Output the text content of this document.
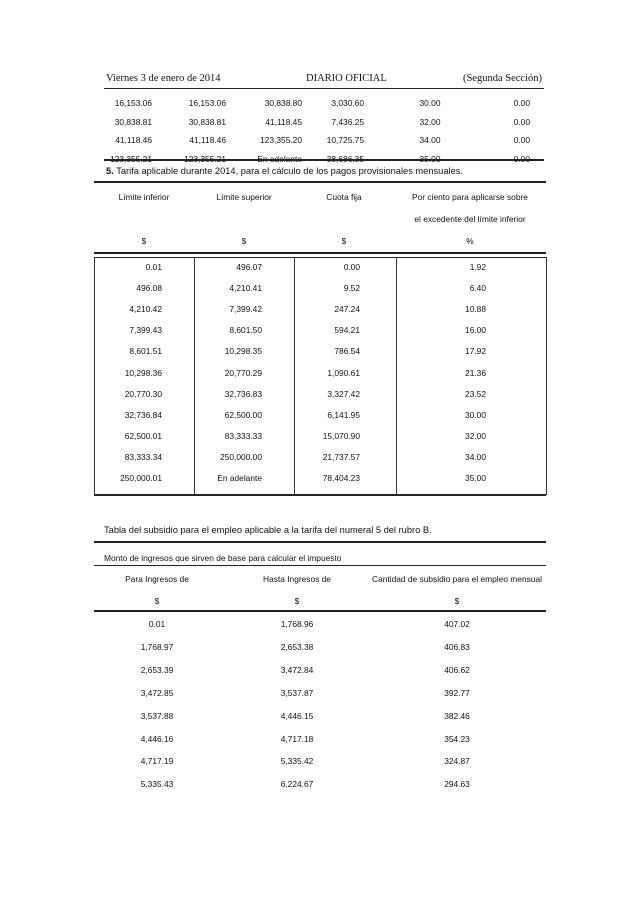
Viernes 3 de enero de 2014	DIARIO OFICIAL	(Segunda Sección)
16,153.06	16,153.06	30,838.80	3,030.60	30.00	0.00
30,838.81	30,838.81	41,118.45	7,436.25	32.00	0.00
41,118.46	41,118.46	123,355.20	10,725.75	34.00	0.00
123,355.21	123,355.21	En adelante	38,686.35	35.00	0.00
5. Tarifa aplicable durante 2014, para el cálculo de los pagos provisionales mensuales.
Límite inferior	Límite superior	Cuota fija	Por ciento para aplicarse sobre
el excedente del límite inferior
$	$	$	%
0.01	496.07	0.00	1.92
496.08	4,210.41	9.52	6.40
4,210.42	7,399.42	247.24	10.88
7,399.43	8,601.50	594.21	16.00
8,601.51	10,298.35	786.54	17.92
10,298.36	20,770.29	1,090.61	21.36
20,770.30	32,736.83	3,327.42	23.52
32,736.84	62,500.00	6,141.95	30.00
62,500.01	83,333.33	15,070.90	32.00
83,333.34	250,000.00	21,737.57	34.00
250,000.01	En adelante	78,404.23	35.00
Tabla del subsidio para el empleo aplicable a la tarifa del numeral 5 del rubro B.
Monto de ingresos que sirven de base para calcular el impuesto
Para Ingresos de	Hasta Ingresos de	Cantidad de subsidio para el empleo mensual
$	$	$
0.01	1,768.96	407.02
1,768.97	2,653.38	406.83
2,653.39	3,472.84	406.62
3,472.85	3,537.87	392.77
3,537.88	4,446.15	382.46
4,446.16	4,717.18	354.23
4,717.19	5,335.42	324.87
5,335.43	6,224.67	294.63
